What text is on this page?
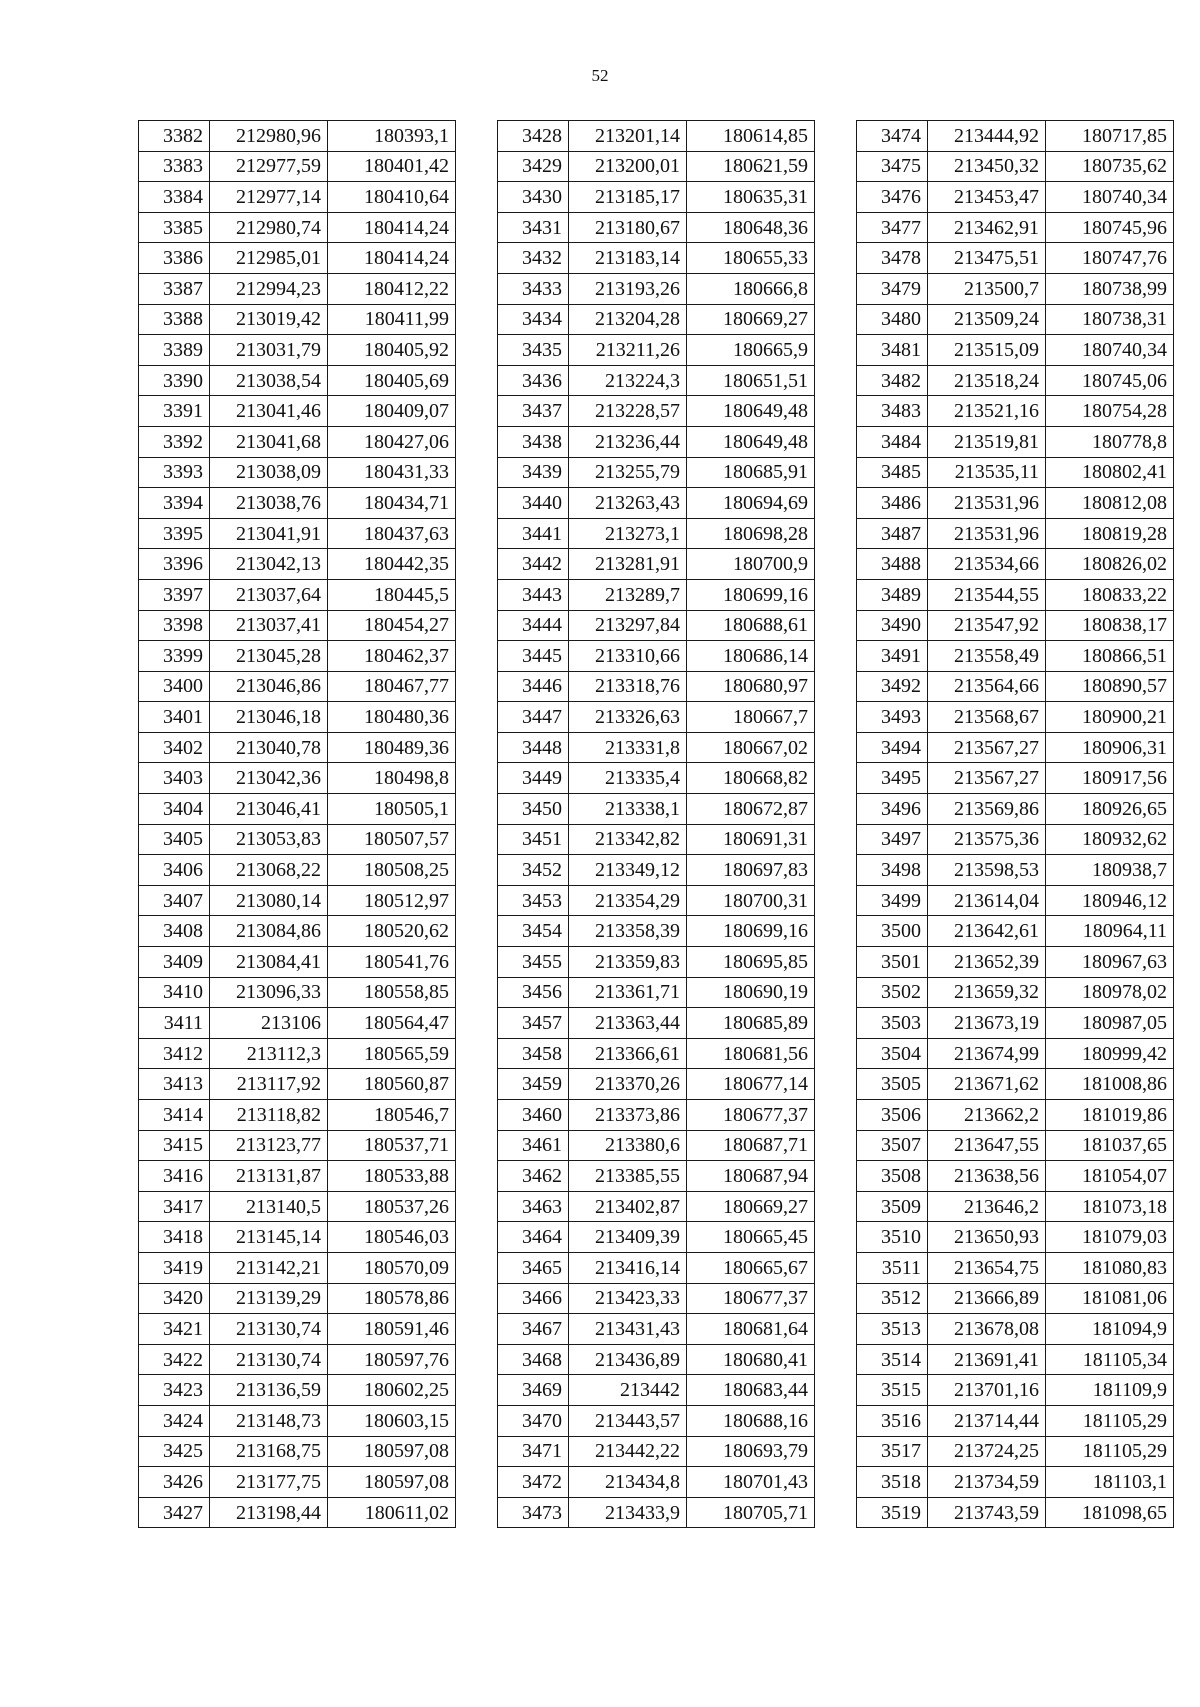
52
3382	212980,96	180393,1
3383	212977,59	180401,42
3384	212977,14	180410,64
3385	212980,74	180414,24
3386	212985,01	180414,24
3387	212994,23	180412,22
3388	213019,42	180411,99
3389	213031,79	180405,92
3390	213038,54	180405,69
3391	213041,46	180409,07
3392	213041,68	180427,06
3393	213038,09	180431,33
3394	213038,76	180434,71
3395	213041,91	180437,63
3396	213042,13	180442,35
3397	213037,64	180445,5
3398	213037,41	180454,27
3399	213045,28	180462,37
3400	213046,86	180467,77
3401	213046,18	180480,36
3402	213040,78	180489,36
3403	213042,36	180498,8
3404	213046,41	180505,1
3405	213053,83	180507,57
3406	213068,22	180508,25
3407	213080,14	180512,97
3408	213084,86	180520,62
3409	213084,41	180541,76
3410	213096,33	180558,85
3411	213106	180564,47
3412	213112,3	180565,59
3413	213117,92	180560,87
3414	213118,82	180546,7
3415	213123,77	180537,71
3416	213131,87	180533,88
3417	213140,5	180537,26
3418	213145,14	180546,03
3419	213142,21	180570,09
3420	213139,29	180578,86
3421	213130,74	180591,46
3422	213130,74	180597,76
3423	213136,59	180602,25
3424	213148,73	180603,15
3425	213168,75	180597,08
3426	213177,75	180597,08
3427	213198,44	180611,02
3428	213201,14	180614,85
3429	213200,01	180621,59
3430	213185,17	180635,31
3431	213180,67	180648,36
3432	213183,14	180655,33
3433	213193,26	180666,8
3434	213204,28	180669,27
3435	213211,26	180665,9
3436	213224,3	180651,51
3437	213228,57	180649,48
3438	213236,44	180649,48
3439	213255,79	180685,91
3440	213263,43	180694,69
3441	213273,1	180698,28
3442	213281,91	180700,9
3443	213289,7	180699,16
3444	213297,84	180688,61
3445	213310,66	180686,14
3446	213318,76	180680,97
3447	213326,63	180667,7
3448	213331,8	180667,02
3449	213335,4	180668,82
3450	213338,1	180672,87
3451	213342,82	180691,31
3452	213349,12	180697,83
3453	213354,29	180700,31
3454	213358,39	180699,16
3455	213359,83	180695,85
3456	213361,71	180690,19
3457	213363,44	180685,89
3458	213366,61	180681,56
3459	213370,26	180677,14
3460	213373,86	180677,37
3461	213380,6	180687,71
3462	213385,55	180687,94
3463	213402,87	180669,27
3464	213409,39	180665,45
3465	213416,14	180665,67
3466	213423,33	180677,37
3467	213431,43	180681,64
3468	213436,89	180680,41
3469	213442	180683,44
3470	213443,57	180688,16
3471	213442,22	180693,79
3472	213434,8	180701,43
3473	213433,9	180705,71
3474	213444,92	180717,85
3475	213450,32	180735,62
3476	213453,47	180740,34
3477	213462,91	180745,96
3478	213475,51	180747,76
3479	213500,7	180738,99
3480	213509,24	180738,31
3481	213515,09	180740,34
3482	213518,24	180745,06
3483	213521,16	180754,28
3484	213519,81	180778,8
3485	213535,11	180802,41
3486	213531,96	180812,08
3487	213531,96	180819,28
3488	213534,66	180826,02
3489	213544,55	180833,22
3490	213547,92	180838,17
3491	213558,49	180866,51
3492	213564,66	180890,57
3493	213568,67	180900,21
3494	213567,27	180906,31
3495	213567,27	180917,56
3496	213569,86	180926,65
3497	213575,36	180932,62
3498	213598,53	180938,7
3499	213614,04	180946,12
3500	213642,61	180964,11
3501	213652,39	180967,63
3502	213659,32	180978,02
3503	213673,19	180987,05
3504	213674,99	180999,42
3505	213671,62	181008,86
3506	213662,2	181019,86
3507	213647,55	181037,65
3508	213638,56	181054,07
3509	213646,2	181073,18
3510	213650,93	181079,03
3511	213654,75	181080,83
3512	213666,89	181081,06
3513	213678,08	181094,9
3514	213691,41	181105,34
3515	213701,16	181109,9
3516	213714,44	181105,29
3517	213724,25	181105,29
3518	213734,59	181103,1
3519	213743,59	181098,65
